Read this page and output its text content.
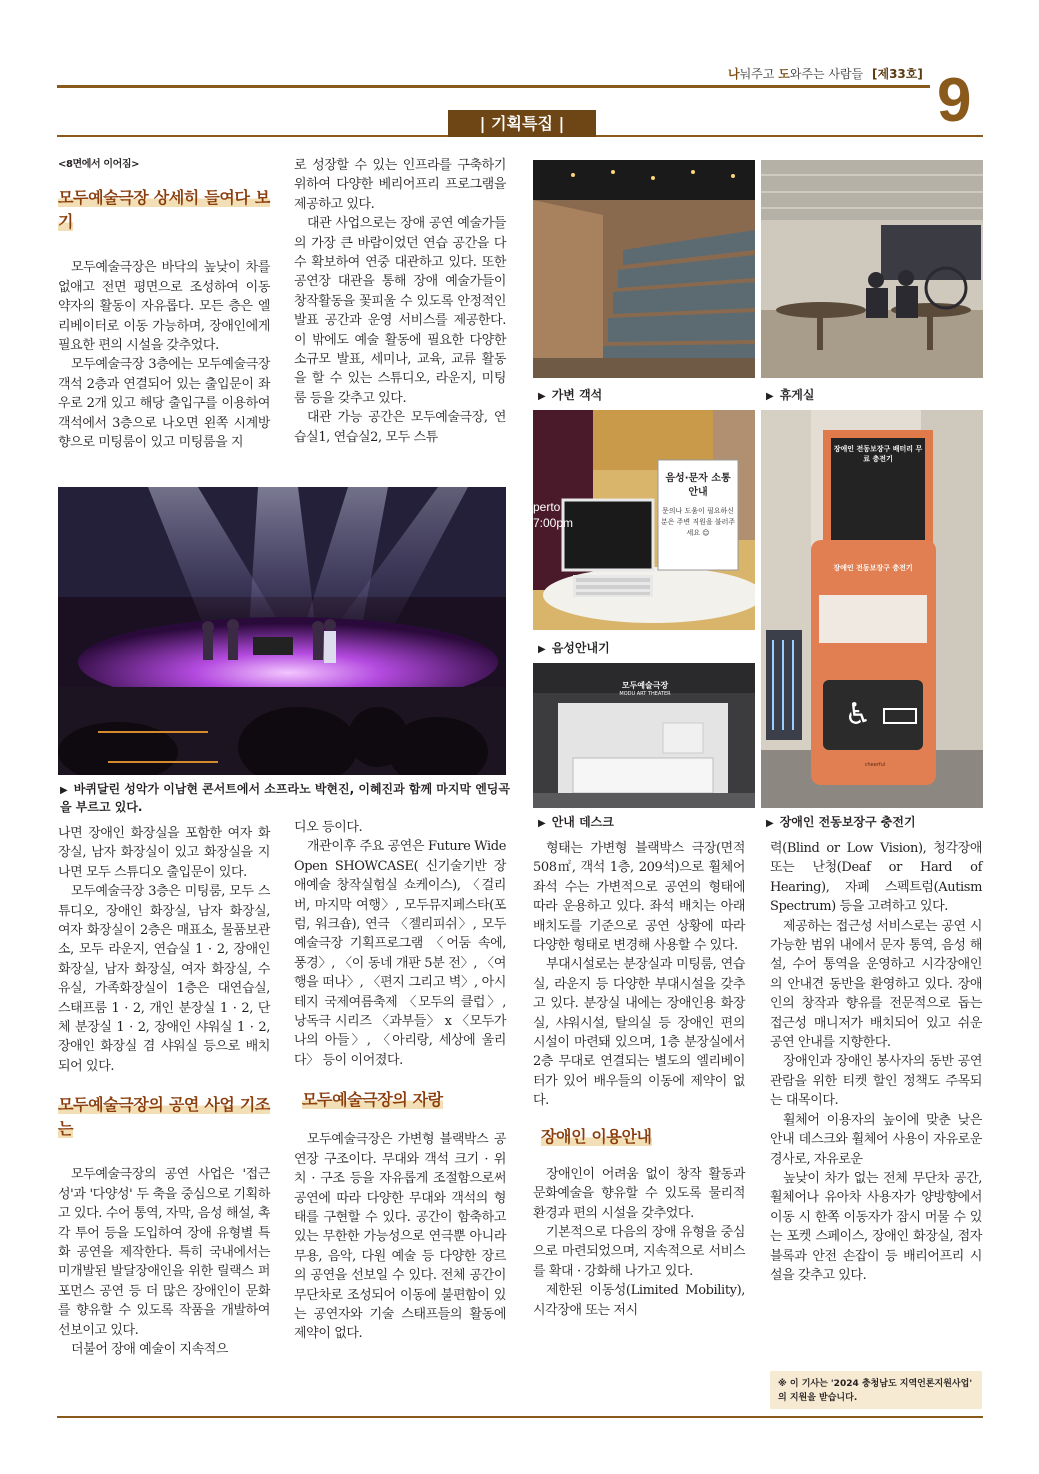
나눠주고 도와주는 사람들 [제33호] 9
| 기획특집 |
<8면에서 이어짐>
모두예술극장 상세히 들여다 보기

모두예술극장은 바닥의 높낮이 차를 없애고 전면 평면으로 조성하여 이동 약자의 활동이 자유롭다. 모든 층은 엘리베이터로 이동 가능하며, 장애인에게 필요한 편의 시설을 갖추었다.

모두예술극장 3층에는 모두예술극장 객석 2층과 연결되어 있는 출입문이 좌우로 2개 있고 해당 출입구를 이용하여 객석에서 3층으로 나오면 왼쪽 시계방향으로 미팅룸이 있고 미팅룸을 지

로 성장할 수 있는 인프라를 구축하기 위하여 다양한 베리어프리 프로그램을 제공하고 있다.

대관 사업으로는 장애 공연 예술가들의 가장 큰 바람이었던 연습 공간을 다수 확보하여 연중 대관하고 있다. 또한 공연장 대관을 통해 장애 예술가들이 창작활동을 꽃피울 수 있도록 안정적인 발표 공간과 운영 서비스를 제공한다. 이 밖에도 예술 활동에 필요한 다양한 소규모 발표, 세미나, 교육, 교류 활동을 할 수 있는 스튜디오, 라운지, 미팅룸 등을 갖추고 있다.

대관 가능 공간은 모두예술극장, 연습실1, 연습실2, 모두 스튜

▶ 바퀴달린 성악가 이남현 콘서트에서 소프라노 박현진, 이혜진과 함께 마지막 엔딩곡을 부르고 있다.
▶ 가변 객석	▶ 휴게실
perto
7:00pm
음성·문자 소통 안내
문의나 도움이 필요하신 분은 주변 직원을 불러주세요 ☺
▶ 음성안내기
모두예술극장
MODU ART THEATER
▶ 안내 데스크
장애인 전동보장구 배터리 무료 충전기
장애인 전동보장구 충전기
♿
cheerful
▶ 장애인 전동보장구 충전기

나면 장애인 화장실을 포함한 여자 화장실, 남자 화장실이 있고 화장실을 지나면 모두 스튜디오 출입문이 있다.

모두예술극장 3층은 미팅룸, 모두 스튜디오, 장애인 화장실, 남자 화장실, 여자 화장실이 2층은 매표소, 물품보관소, 모두 라운지, 연습실 1 · 2, 장애인 화장실, 남자 화장실, 여자 화장실, 수유실, 가족화장실이 1층은 대연습실, 스태프룸 1 · 2, 개인 분장실 1 · 2, 단체 분장실 1 · 2, 장애인 샤워실 1 · 2, 장애인 화장실 겸 샤워실 등으로 배치되어 있다.

모두예술극장의 공연 사업 기조는

모두예술극장의 공연 사업은 '접근성'과 '다양성' 두 축을 중심으로 기획하고 있다. 수어 통역, 자막, 음성 해설, 촉각 투어 등을 도입하여 장애 유형별 특화 공연을 제작한다. 특히 국내에서는 미개발된 발달장애인을 위한 릴랙스 퍼포먼스 공연 등 더 많은 장애인이 문화를 향유할 수 있도록 작품을 개발하여 선보이고 있다.

더불어 장애 예술이 지속적으

디오 등이다.

개관이후 주요 공연은 Future Wide Open SHOWCASE( 신기술기반 장애예술 창작실험실 쇼케이스), 〈걸리버, 마지막 여행〉, 모두뮤지페스타(포럼, 워크숍), 연극 〈젤리피쉬〉, 모두예술극장 기획프로그램 〈어둠 속에, 풍경〉, 〈이 동네 개판 5분 전〉, 〈여행을 떠나〉, 〈편지 그리고 벽〉, 아시테지 국제여름축제 〈모두의 클럽〉, 낭독극 시리즈 〈과부들〉 x 〈모두가 나의 아들〉, 〈아리랑, 세상에 울리다〉 등이 이어졌다.

모두예술극장의 자랑

모두예술극장은 가변형 블랙박스 공연장 구조이다. 무대와 객석 크기 · 위치 · 구조 등을 자유롭게 조절함으로써 공연에 따라 다양한 무대와 객석의 형태를 구현할 수 있다. 공간이 함축하고 있는 무한한 가능성으로 연극뿐 아니라 무용, 음악, 다원 예술 등 다양한 장르의 공연을 선보일 수 있다. 전체 공간이 무단차로 조성되어 이동에 불편함이 있는 공연자와 기술 스태프들의 활동에 제약이 없다.

형태는 가변형 블랙박스 극장(면적 508㎡, 객석 1층, 209석)으로 휠체어 좌석 수는 가변적으로 공연의 형태에 따라 운용하고 있다. 좌석 배치는 아래 배치도를 기준으로 공연 상황에 따라 다양한 형태로 변경해 사용할 수 있다.

부대시설로는 분장실과 미팅룸, 연습실, 라운지 등 다양한 부대시설을 갖추고 있다. 분장실 내에는 장애인용 화장실, 샤워시설, 탈의실 등 장애인 편의 시설이 마련돼 있으며, 1층 분장실에서 2층 무대로 연결되는 별도의 엘리베이터가 있어 배우들의 이동에 제약이 없다.

장애인 이용안내

장애인이 어려움 없이 창작 활동과 문화예술을 향유할 수 있도록 물리적 환경과 편의 시설을 갖추었다.

기본적으로 다음의 장애 유형을 중심으로 마련되었으며, 지속적으로 서비스를 확대 · 강화해 나가고 있다.

제한된 이동성(Limited Mobility), 시각장애 또는 저시

력(Blind or Low Vision), 청각장애 또는 난청(Deaf or Hard of Hearing), 자폐 스펙트럼(Autism Spectrum) 등을 고려하고 있다.

제공하는 접근성 서비스로는 공연 시 가능한 범위 내에서 문자 통역, 음성 해설, 수어 통역을 운영하고 시각장애인의 안내견 동반을 환영하고 있다. 장애인의 창작과 향유를 전문적으로 돕는 접근성 매니저가 배치되어 있고 쉬운 공연 안내를 지향한다.

장애인과 장애인 봉사자의 동반 공연 관람을 위한 티켓 할인 정책도 주목되는 대목이다.

휠체어 이용자의 높이에 맞춘 낮은 안내 데스크와 휠체어 사용이 자유로운 경사로, 자유로운

높낮이 차가 없는 전체 무단차 공간, 휠체어나 유아차 사용자가 양방향에서 이동 시 한쪽 이동자가 잠시 머물 수 있는 포켓 스페이스, 장애인 화장실, 점자 블록과 안전 손잡이 등 배리어프리 시설을 갖추고 있다.

※ 이 기사는 '2024 충청남도 지역언론지원사업' 의 지원을 받습니다.
